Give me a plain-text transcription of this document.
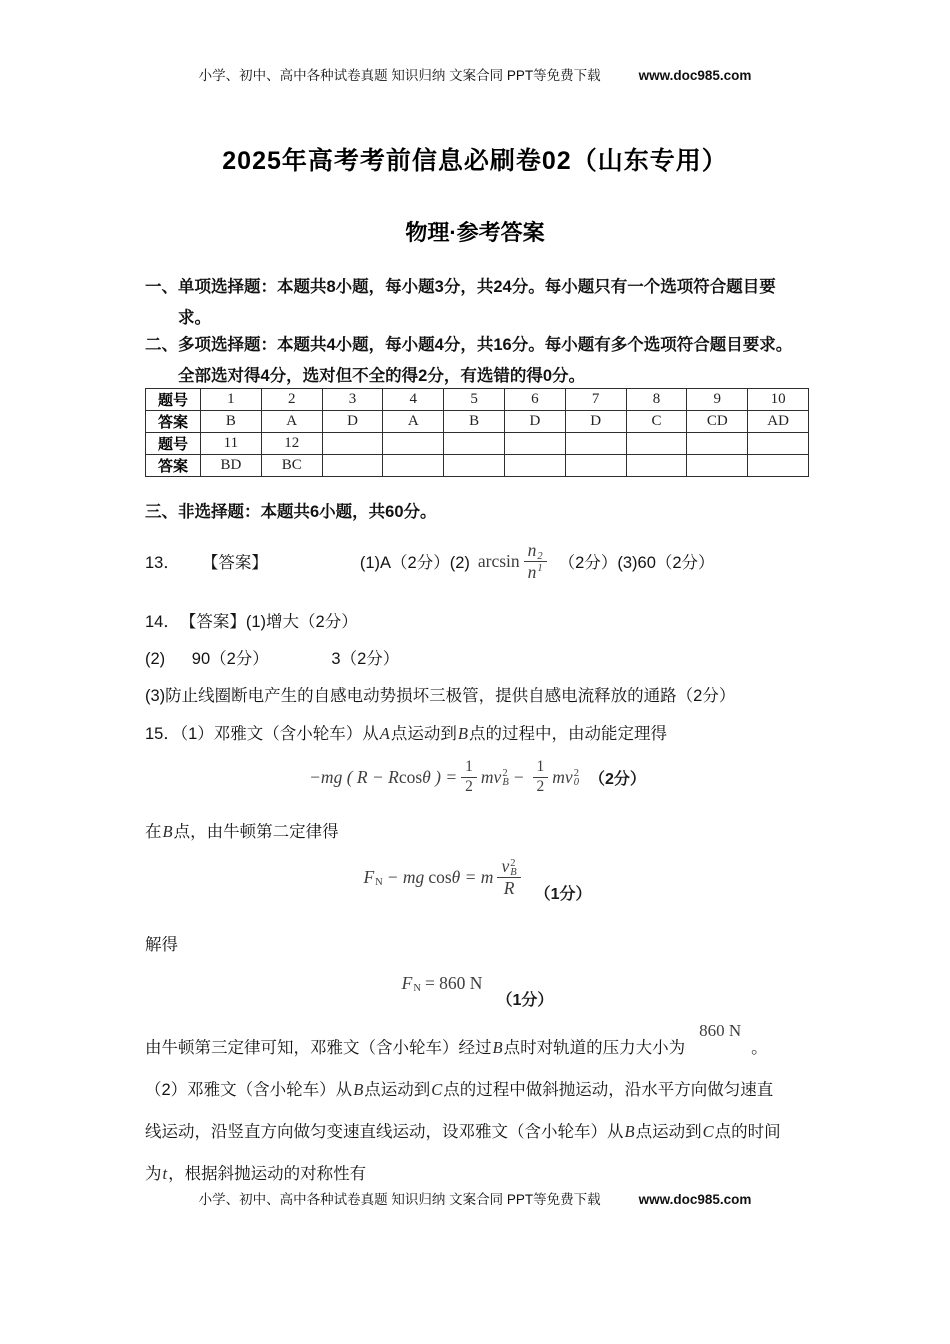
小学、初中、高中各种试卷真题 知识归纳 文案合同 PPT等免费下载	www.doc985.com
2025年高考考前信息必刷卷02（山东专用）
物理·参考答案
一、单项选择题：本题共8小题，每小题3分，共24分。每小题只有一个选项符合题目要
求。
二、多项选择题：本题共4小题，每小题4分，共16分。每小题有多个选项符合题目要求。
全部选对得4分，选对但不全的得2分，有选错的得0分。
题号	1	2	3	4	5	6	7	8	9	10
答案	B	A	D	A	B	D	D	C	CD	AD
题号	11	12								
答案	BD	BC								
三、非选择题：本题共6小题，共60分。
13． 【答案】	(1)A（2分）(2) $\arcsin \frac{n 2}{n 1} (2$分）(3)60（2分）
14．　【答案】(1)增大（2分）
(2) 90（2分）	3（2分）
(3)防止线圈断电产生的自感电动势损坏三极管，提供自感电流释放的通路（2分）
15．（1）邓雅文（含小轮车）从A点运动到B点的过程中，由动能定理得
−mg ( R − R cos θ ) = $\frac{1}{2}$ mv 2
$B - \frac{1}{2}$ mv 2
0 （2分）
在B点，由牛顿第二定律得
F N − mg cos θ = m v 2
B
R （1分）
解得
F N = 860 N
（1分）
由牛顿第三定律可知，邓雅文（含小轮车）经过B点时对轨道的压力大小为860 N。
（2）邓雅文（含小轮车）从B点运动到C点的过程中做斜抛运动，沿水平方向做匀速直
线运动，沿竖直方向做匀变速直线运动，设邓雅文（含小轮车）从B点运动到C点的时间
为t，根据斜抛运动的对称性有
小学、初中、高中各种试卷真题 知识归纳 文案合同 PPT等免费下载	www.doc985.com
